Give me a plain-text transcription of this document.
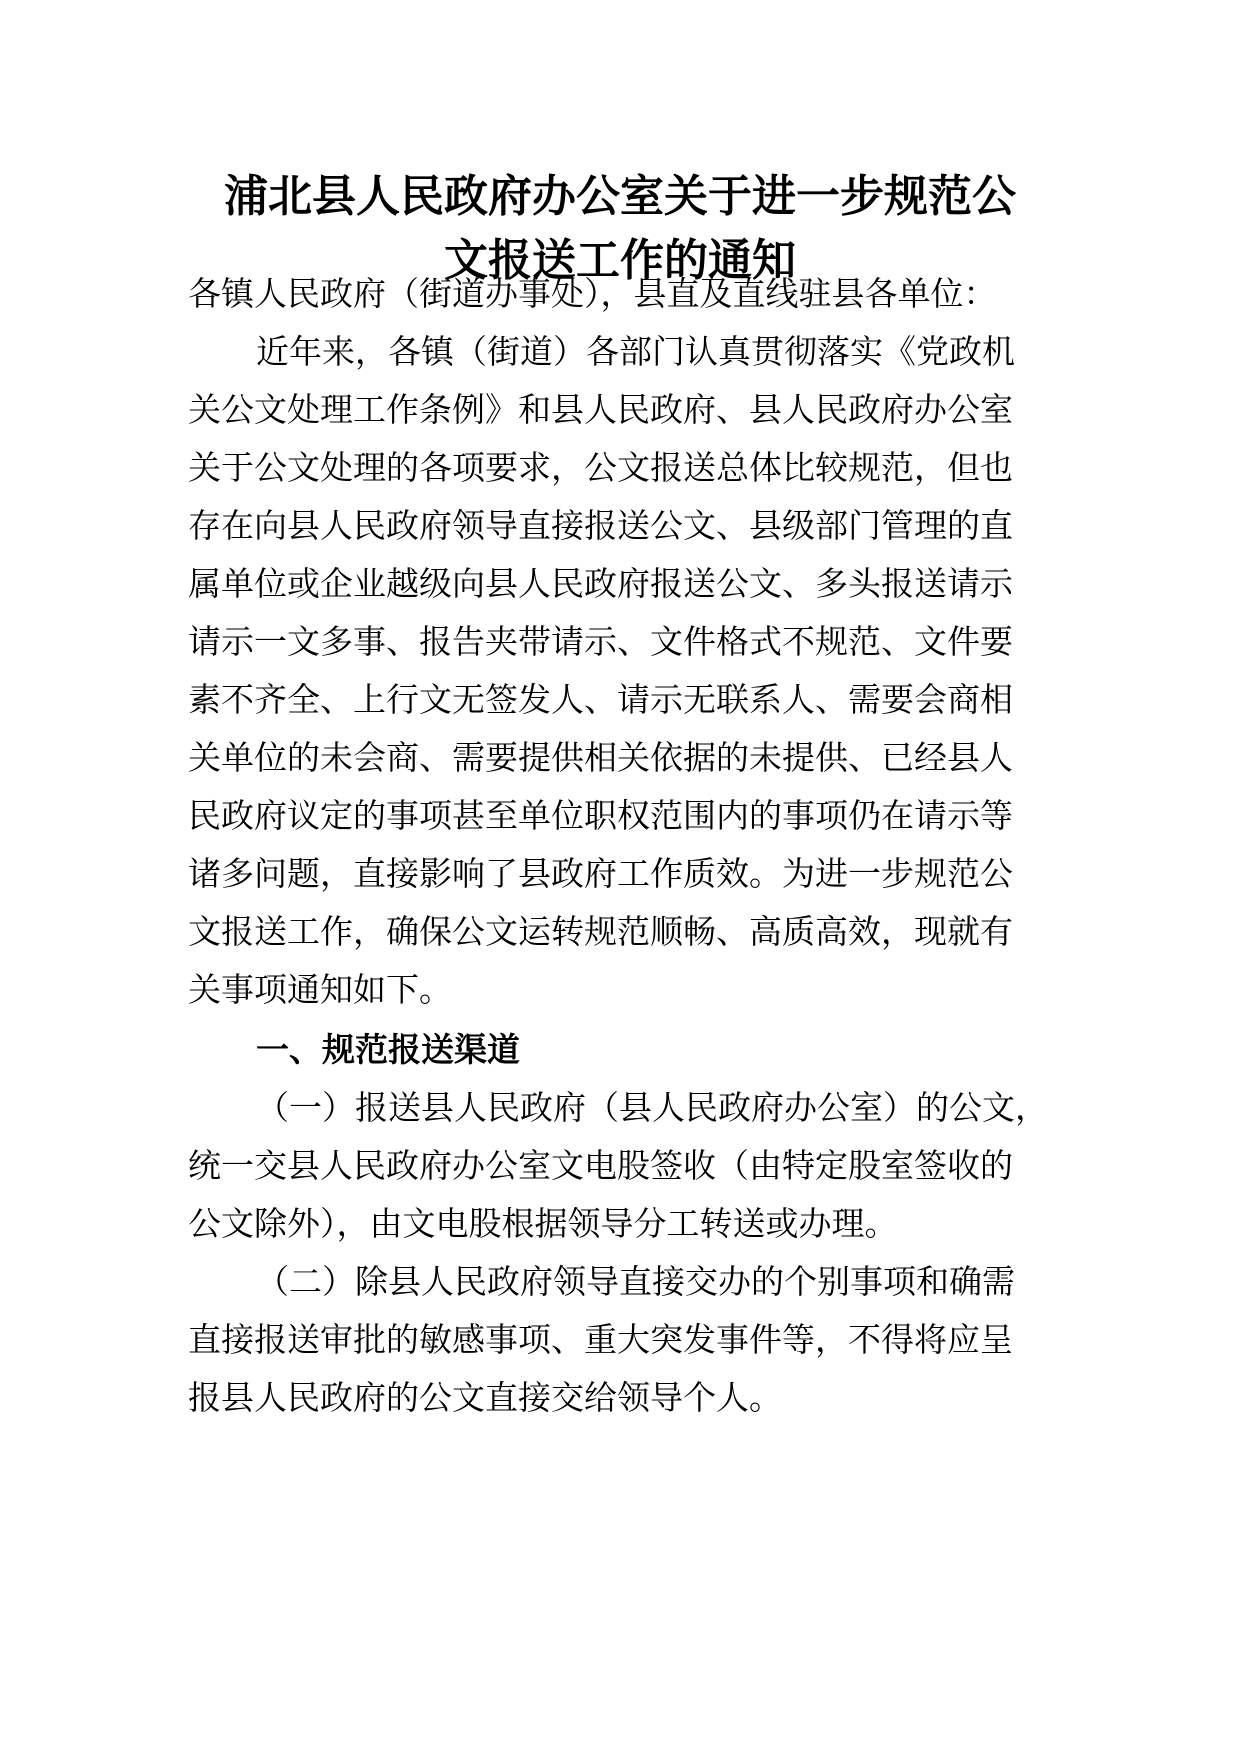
浦北县人民政府办公室关于进一步规范公
文报送工作的通知

各镇人民政府（街道办事处），县直及直线驻县各单位：

近年来，各镇（街道）各部门认真贯彻落实《党政机

关公文处理工作条例》和县人民政府、县人民政府办公室

关于公文处理的各项要求，公文报送总体比较规范，但也

存在向县人民政府领导直接报送公文、县级部门管理的直

属单位或企业越级向县人民政府报送公文、多头报送请示

请示一文多事、报告夹带请示、文件格式不规范、文件要

素不齐全、上行文无签发人、请示无联系人、需要会商相

关单位的未会商、需要提供相关依据的未提供、已经县人

民政府议定的事项甚至单位职权范围内的事项仍在请示等

诸多问题，直接影响了县政府工作质效。为进一步规范公

文报送工作，确保公文运转规范顺畅、高质高效，现就有

关事项通知如下。

一、规范报送渠道

（一）报送县人民政府（县人民政府办公室）的公文，

统一交县人民政府办公室文电股签收（由特定股室签收的

公文除外），由文电股根据领导分工转送或办理。

（二）除县人民政府领导直接交办的个别事项和确需

直接报送审批的敏感事项、重大突发事件等，不得将应呈

报县人民政府的公文直接交给领导个人。
